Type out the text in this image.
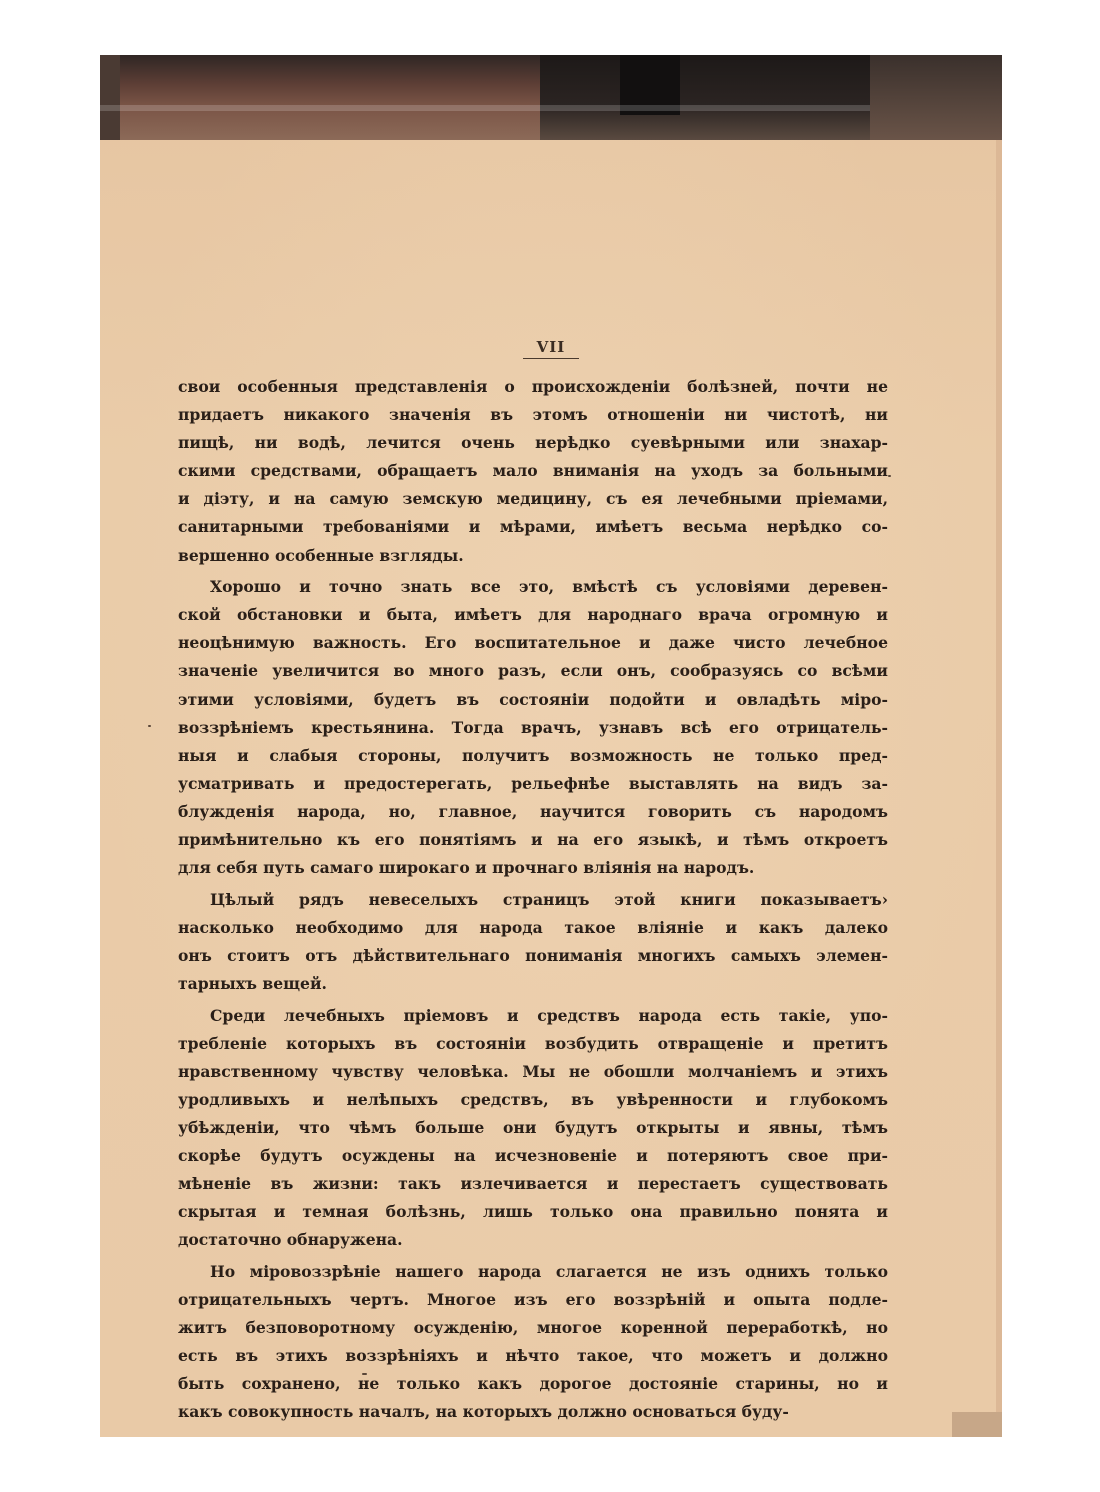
VII

свои особенныя представленія о происхожденіи болѣзней, почти не
придаетъ никакого значенія въ этомъ отношеніи ни чистотѣ, ни
пищѣ, ни водѣ, лечится очень нерѣдко суевѣрными или знахар-
скими средствами, обращаетъ мало вниманія на уходъ за больными
и діэту, и на самую земскую медицину, съ ея лечебными пріемами,
санитарными требованіями и мѣрами, имѣетъ весьма нерѣдко со-
вершенно особенные взгляды.

Хорошо и точно знать все это, вмѣстѣ съ условіями деревен-
ской обстановки и быта, имѣетъ для народнаго врача огромную и
неоцѣнимую важность. Его воспитательное и даже чисто лечебное
значеніе увеличится во много разъ, если онъ, сообразуясь со всѣми
этими условіями, будетъ въ состояніи подойти и овладѣть міро-
воззрѣніемъ крестьянина. Тогда врачъ, узнавъ всѣ его отрицатель-
ныя и слабыя стороны, получитъ возможность не только пред-
усматривать и предостерегать, рельефнѣе выставлять на видъ за-
блужденія народа, но, главное, научится говорить съ народомъ
примѣнительно къ его понятіямъ и на его языкѣ, и тѣмъ откроетъ
для себя путь самаго широкаго и прочнаго вліянія на народъ.

Цѣлый рядъ невеселыхъ страницъ этой книги показываетъ›
насколько необходимо для народа такое вліяніе и какъ далеко
онъ стоитъ отъ дѣйствительнаго пониманія многихъ самыхъ элемен-
тарныхъ вещей.

Среди лечебныхъ пріемовъ и средствъ народа есть такіе, упо-
требленіе которыхъ въ состояніи возбудить отвращеніе и претитъ
нравственному чувству человѣка. Мы не обошли молчаніемъ и этихъ
уродливыхъ и нелѣпыхъ средствъ, въ увѣренности и глубокомъ
убѣжденіи, что чѣмъ больше они будутъ открыты и явны, тѣмъ
скорѣе будутъ осуждены на исчезновеніе и потеряютъ свое при-
мѣненіе въ жизни: такъ излечивается и перестаетъ существовать
скрытая и темная болѣзнь, лишь только она правильно понята и
достаточно обнаружена.

Но міровоззрѣніе нашего народа слагается не изъ однихъ только
отрицательныхъ чертъ. Многое изъ его воззрѣній и опыта подле-
житъ безповоротному осужденію, многое коренной переработкѣ, но
есть въ этихъ воззрѣніяхъ и нѣчто такое, что можетъ и должно
быть сохранено, не только какъ дорогое достояніе старины, но и
какъ совокупность началъ, на которыхъ должно основаться буду-
